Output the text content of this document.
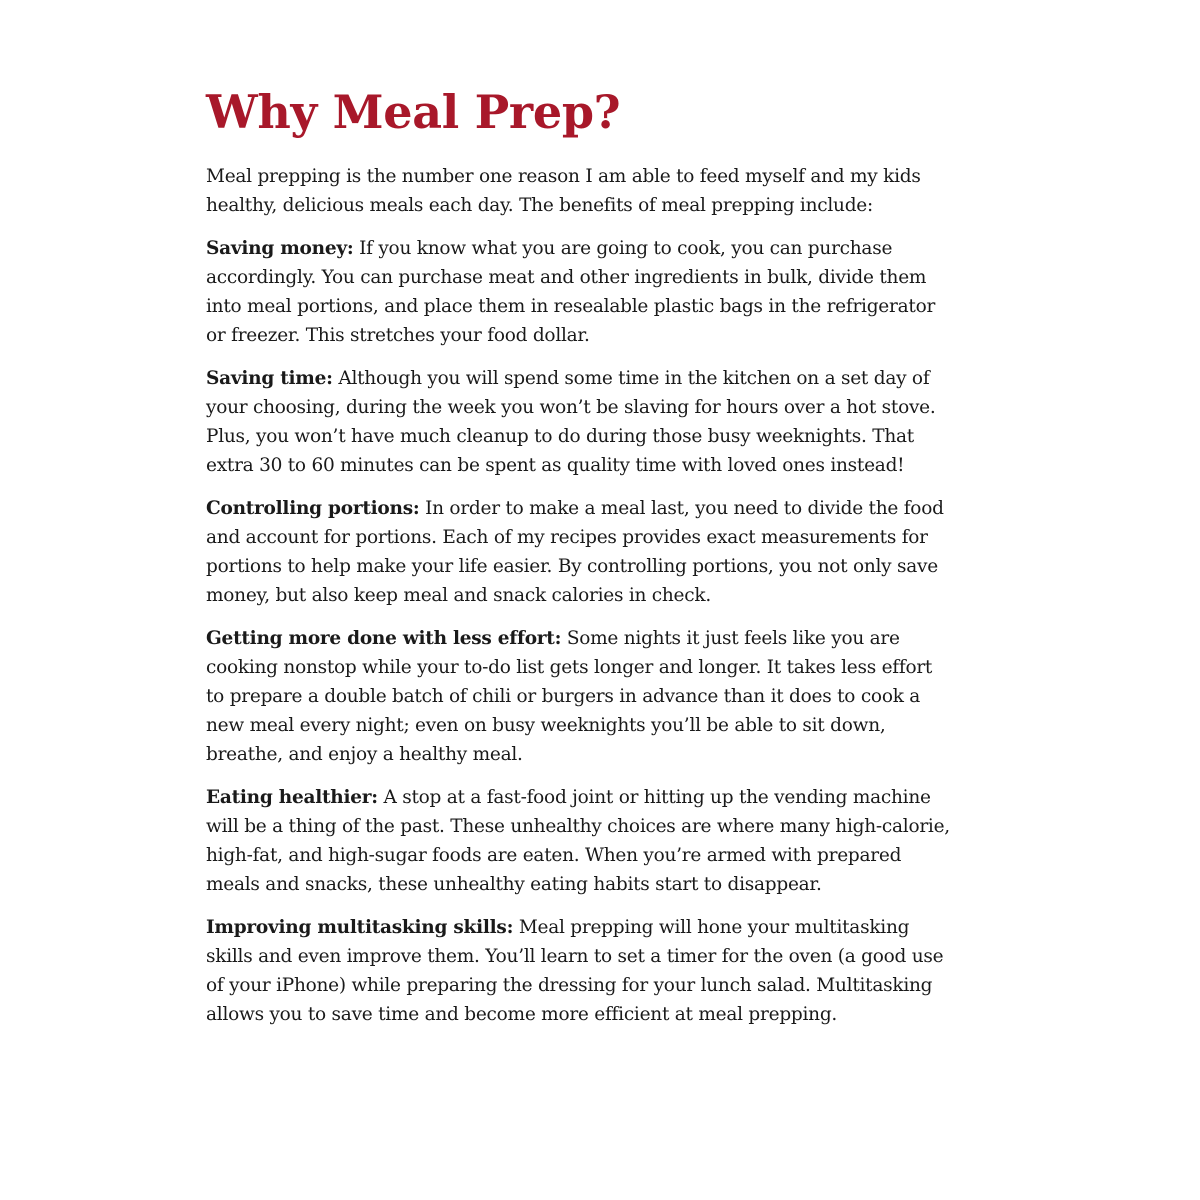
Why Meal Prep?

Meal prepping is the number one reason I am able to feed myself and my kids healthy, delicious meals each day. The benefits of meal prepping include:

Saving money: If you know what you are going to cook, you can purchase accordingly. You can purchase meat and other ingredients in bulk, divide them into meal portions, and place them in resealable plastic bags in the refrigerator or freezer. This stretches your food dollar.

Saving time: Although you will spend some time in the kitchen on a set day of your choosing, during the week you won’t be slaving for hours over a hot stove. Plus, you won’t have much cleanup to do during those busy weeknights. That extra 30 to 60 minutes can be spent as quality time with loved ones instead!

Controlling portions: In order to make a meal last, you need to divide the food and account for portions. Each of my recipes provides exact measurements for portions to help make your life easier. By controlling portions, you not only save money, but also keep meal and snack calories in check.

Getting more done with less effort: Some nights it just feels like you are cooking nonstop while your to-do list gets longer and longer. It takes less effort to prepare a double batch of chili or burgers in advance than it does to cook a new meal every night; even on busy weeknights you’ll be able to sit down, breathe, and enjoy a healthy meal.

Eating healthier: A stop at a fast-food joint or hitting up the vending machine will be a thing of the past. These unhealthy choices are where many high-calorie, high-fat, and high-sugar foods are eaten. When you’re armed with prepared meals and snacks, these unhealthy eating habits start to disappear.

Improving multitasking skills: Meal prepping will hone your multitasking skills and even improve them. You’ll learn to set a timer for the oven (a good use of your iPhone) while preparing the dressing for your lunch salad. Multitasking allows you to save time and become more efficient at meal prepping.
